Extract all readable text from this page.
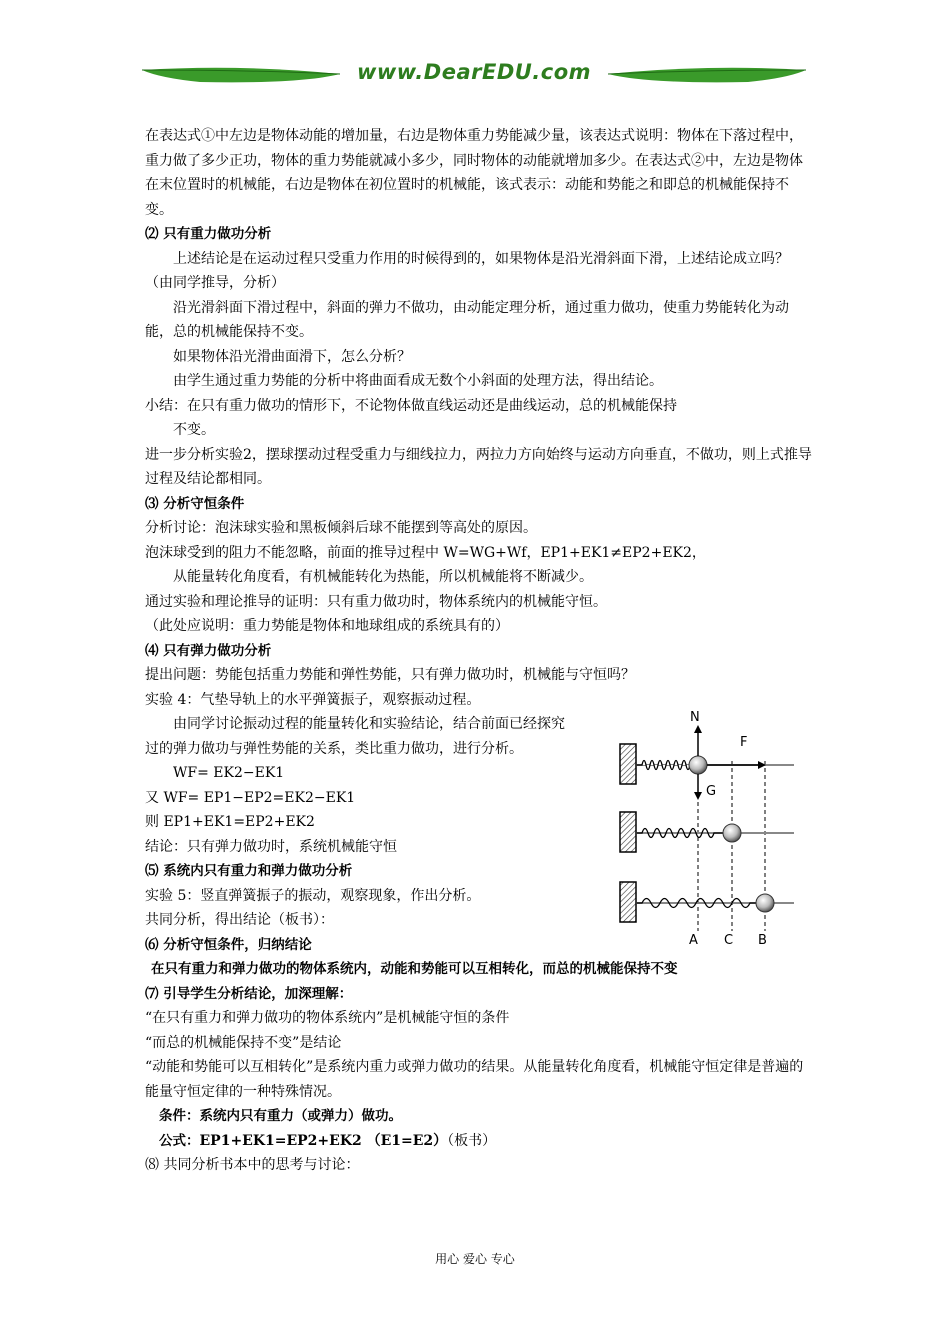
www.DearEDU.com

在表达式①中左边是物体动能的增加量，右边是物体重力势能减少量，该表达式说明：物体在下落过程中，重力做了多少正功，物体的重力势能就减小多少，同时物体的动能就增加多少。在表达式②中，左边是物体在末位置时的机械能，右边是物体在初位置时的机械能，该式表示：动能和势能之和即总的机械能保持不变。

⑵ 只有重力做功分析

上述结论是在运动过程只受重力作用的时候得到的，如果物体是沿光滑斜面下滑，上述结论成立吗？（由同学推导，分析）

沿光滑斜面下滑过程中，斜面的弹力不做功，由动能定理分析，通过重力做功，使重力势能转化为动能，总的机械能保持不变。

如果物体沿光滑曲面滑下，怎么分析？

由学生通过重力势能的分析中将曲面看成无数个小斜面的处理方法，得出结论。

小结：在只有重力做功的情形下，不论物体做直线运动还是曲线运动，总的机械能保持

不变。

进一步分析实验2，摆球摆动过程受重力与细线拉力，两拉力方向始终与运动方向垂直，不做功，则上式推导过程及结论都相同。

⑶ 分析守恒条件

分析讨论：泡沫球实验和黑板倾斜后球不能摆到等高处的原因。

泡沫球受到的阻力不能忽略，前面的推导过程中 W=WG+Wf，EP1+EK1≠EP2+EK2，

从能量转化角度看，有机械能转化为热能，所以机械能将不断减少。

通过实验和理论推导的证明：只有重力做功时，物体系统内的机械能守恒。

（此处应说明：重力势能是物体和地球组成的系统具有的）

⑷ 只有弹力做功分析

提出问题：势能包括重力势能和弹性势能，只有弹力做功时，机械能与守恒吗？

实验 4：气垫导轨上的水平弹簧振子，观察振动过程。

由同学讨论振动过程的能量转化和实验结论，结合前面已经探究过的弹力做功与弹性势能的关系，类比重力做功，进行分析。

WF= EK2−EK1

又 WF= EP1−EP2=EK2−EK1

则 EP1+EK1=EP2+EK2

结论：只有弹力做功时，系统机械能守恒

⑸ 系统内只有重力和弹力做功分析

实验 5：竖直弹簧振子的振动，观察现象，作出分析。

共同分析，得出结论（板书）：

⑹ 分析守恒条件，归纳结论

在只有重力和弹力做功的物体系统内，动能和势能可以互相转化，而总的机械能保持不变

⑺ 引导学生分析结论，加深理解：

“在只有重力和弹力做功的物体系统内”是机械能守恒的条件

“而总的机械能保持不变”是结论

“动能和势能可以互相转化”是系统内重力或弹力做功的结果。从能量转化角度看，机械能守恒定律是普遍的能量守恒定律的一种特殊情况。

条件：系统内只有重力（或弹力）做功。

公式：EP1+EK1=EP2+EK2 （E1=E2）（板书）

⑻ 共同分析书本中的思考与讨论：

N
F
G
A C B
用心 爱心 专心
